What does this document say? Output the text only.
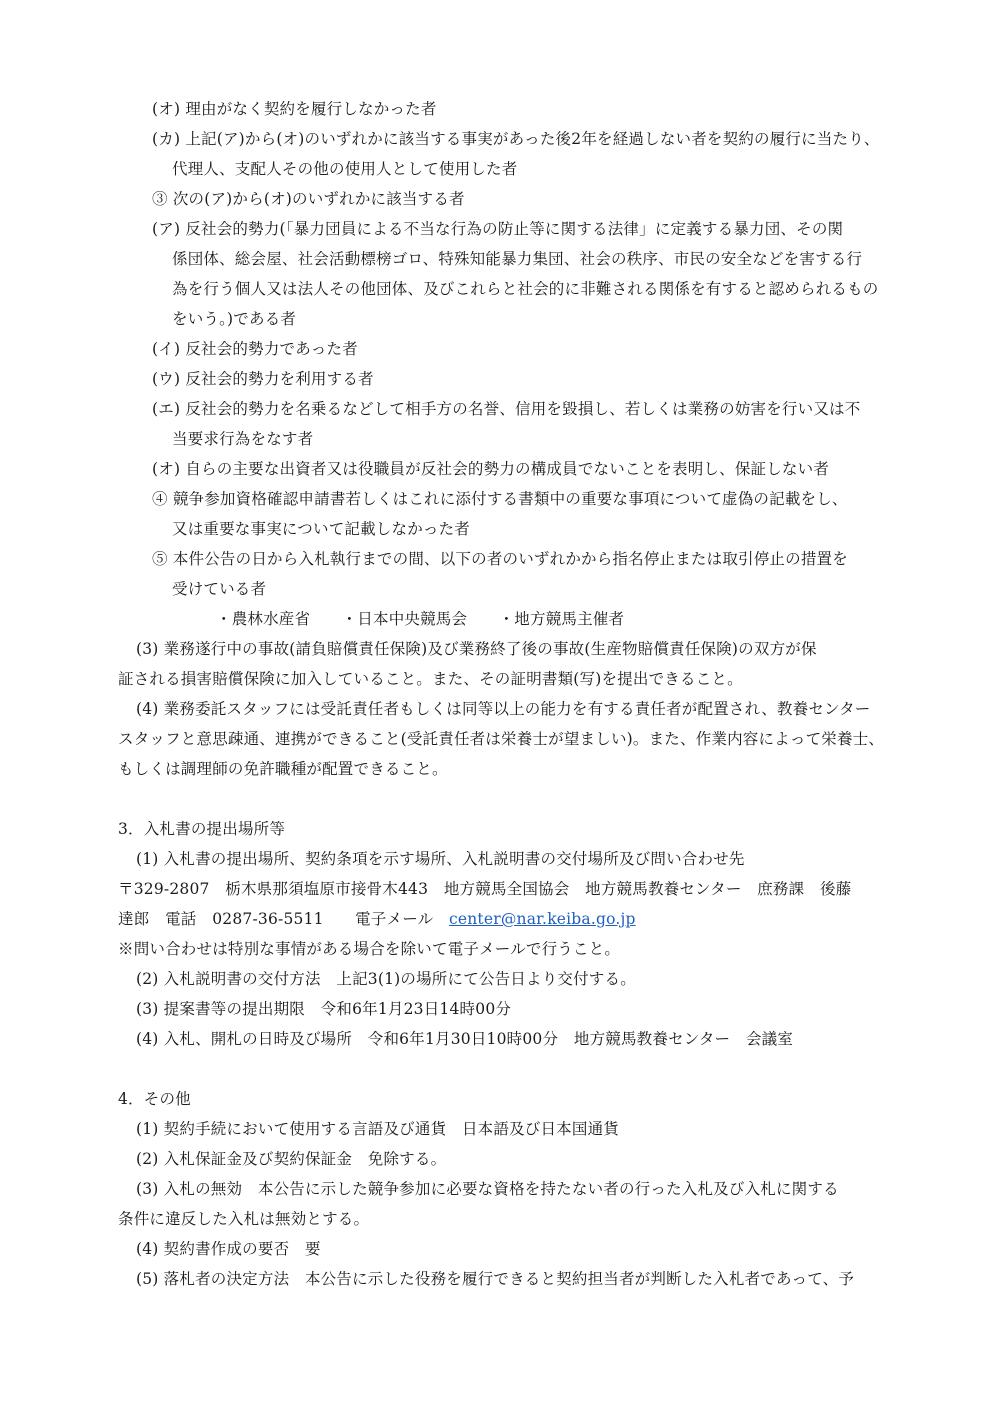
(オ) 理由がなく契約を履行しなかった者
(カ) 上記(ア)から(オ)のいずれかに該当する事実があった後2年を経過しない者を契約の履行に当たり、
代理人、支配人その他の使用人として使用した者
③ 次の(ア)から(オ)のいずれかに該当する者
(ア) 反社会的勢力(「暴力団員による不当な行為の防止等に関する法律」に定義する暴力団、その関
係団体、総会屋、社会活動標榜ゴロ、特殊知能暴力集団、社会の秩序、市民の安全などを害する行
為を行う個人又は法人その他団体、及びこれらと社会的に非難される関係を有すると認められるもの
をいう。)である者
(イ) 反社会的勢力であった者
(ウ) 反社会的勢力を利用する者
(エ) 反社会的勢力を名乗るなどして相手方の名誉、信用を毀損し、若しくは業務の妨害を行い又は不
当要求行為をなす者
(オ) 自らの主要な出資者又は役職員が反社会的勢力の構成員でないことを表明し、保証しない者
④ 競争参加資格確認申請書若しくはこれに添付する書類中の重要な事項について虚偽の記載をし、
又は重要な事実について記載しなかった者
⑤ 本件公告の日から入札執行までの間、以下の者のいずれかから指名停止または取引停止の措置を
受けている者
・農林水産省　　・日本中央競馬会　　・地方競馬主催者
(3) 業務遂行中の事故(請負賠償責任保険)及び業務終了後の事故(生産物賠償責任保険)の双方が保
証される損害賠償保険に加入していること。また、その証明書類(写)を提出できること。
(4) 業務委託スタッフには受託責任者もしくは同等以上の能力を有する責任者が配置され、教養センター
スタッフと意思疎通、連携ができること(受託責任者は栄養士が望ましい)。また、作業内容によって栄養士、
もしくは調理師の免許職種が配置できること。
3．入札書の提出場所等
(1) 入札書の提出場所、契約条項を示す場所、入札説明書の交付場所及び問い合わせ先
〒329-2807　栃木県那須塩原市接骨木443　地方競馬全国協会　地方競馬教養センター　庶務課　後藤
達郎　電話　0287-36-5511　　電子メール　center@nar.keiba.go.jp
※問い合わせは特別な事情がある場合を除いて電子メールで行うこと。
(2) 入札説明書の交付方法　上記3(1)の場所にて公告日より交付する。
(3) 提案書等の提出期限　令和6年1月23日14時00分
(4) 入札、開札の日時及び場所　令和6年1月30日10時00分　地方競馬教養センター　会議室
4．その他
(1) 契約手続において使用する言語及び通貨　日本語及び日本国通貨
(2) 入札保証金及び契約保証金　免除する。
(3) 入札の無効　本公告に示した競争参加に必要な資格を持たない者の行った入札及び入札に関する
条件に違反した入札は無効とする。
(4) 契約書作成の要否　要
(5) 落札者の決定方法　本公告に示した役務を履行できると契約担当者が判断した入札者であって、予
